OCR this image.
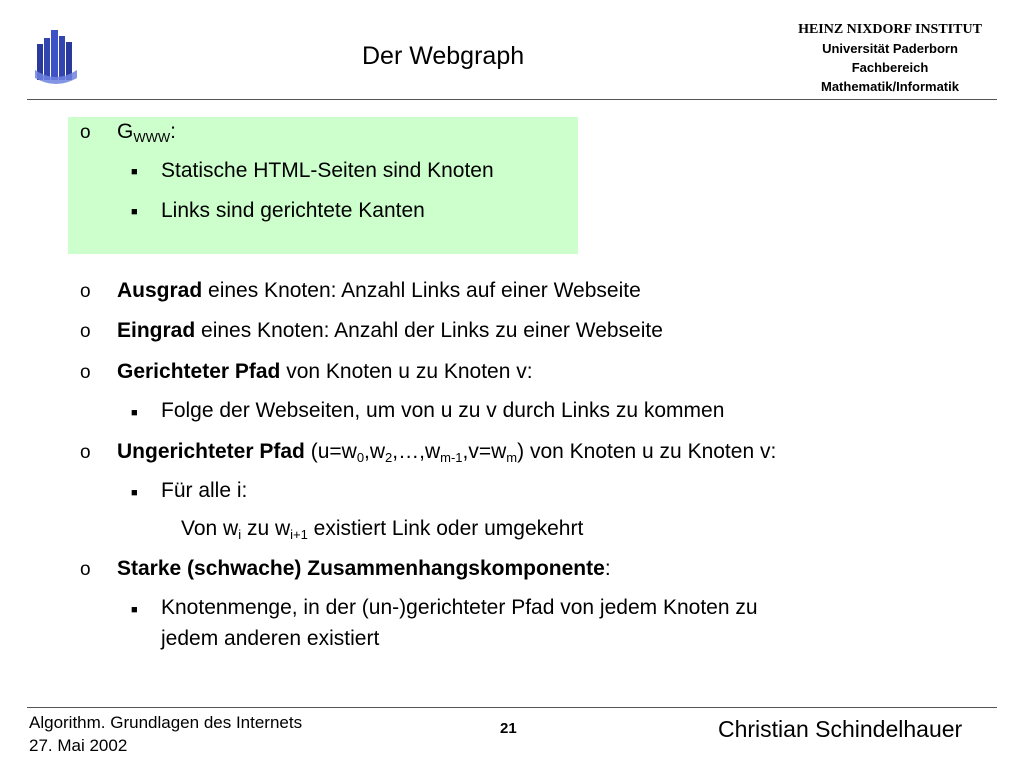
Der Webgraph
HEINZ NIXDORF INSTITUT
Universität Paderborn
Fachbereich
Mathematik/Informatik
o $G_{WWW}$:
■ Statische HTML-Seiten sind Knoten
■ Links sind gerichtete Kanten
o Ausgrad eines Knoten: Anzahl Links auf einer Webseite
o Eingrad eines Knoten: Anzahl der Links zu einer Webseite
o Gerichteter Pfad von Knoten u zu Knoten v:
■ Folge der Webseiten, um von u zu v durch Links zu kommen
o Ungerichteter Pfad $(u=w_0,w_2,\dots,w_{m-1},v=w_m)$ von Knoten u zu Knoten v:
■ Für alle i:
Von $w_i$ zu $w_{i+1}$ existiert Link oder umgekehrt
o Starke (schwache) Zusammenhangskomponente:
■ Knotenmenge, in der (un-)gerichteter Pfad von jedem Knoten zu
jedem anderen existiert
Algorithm. Grundlagen des Internets
27. Mai 2002
21	Christian Schindelhauer
